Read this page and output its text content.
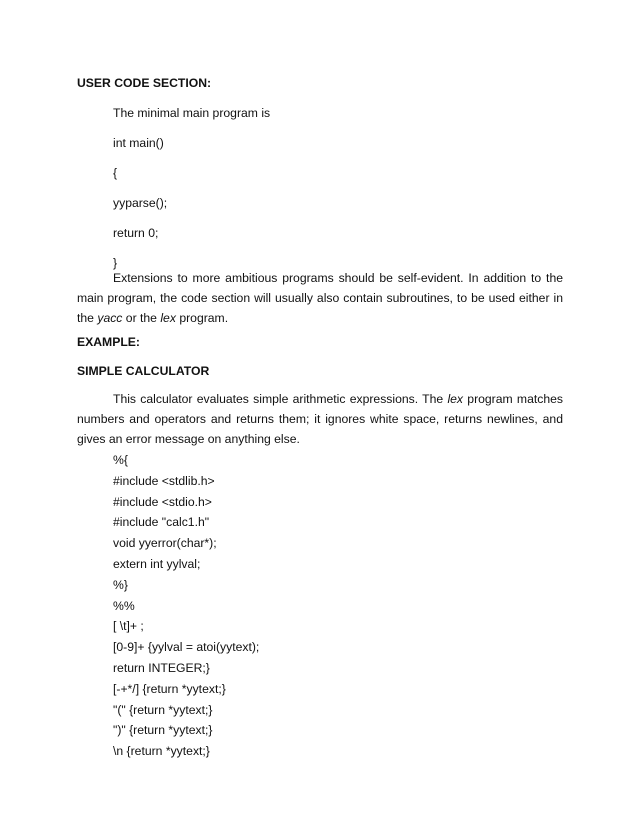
USER CODE SECTION:
The minimal main program is
int main()
{
yyparse();
return 0;
}
Extensions to more ambitious programs should be self-evident. In addition to the main program, the code section will usually also contain subroutines, to be used either in the yacc or the lex program.
EXAMPLE:
SIMPLE CALCULATOR
This calculator evaluates simple arithmetic expressions. The lex program matches numbers and operators and returns them; it ignores white space, returns newlines, and gives an error message on anything else.
%{
#include <stdlib.h>
#include <stdio.h>
#include "calc1.h"
void yyerror(char*);
extern int yylval;
%}
%%
[ \t]+ ;
[0-9]+ {yylval = atoi(yytext);
return INTEGER;}
[-+*/] {return *yytext;}
"(" {return *yytext;}
")" {return *yytext;}
\n {return *yytext;}
